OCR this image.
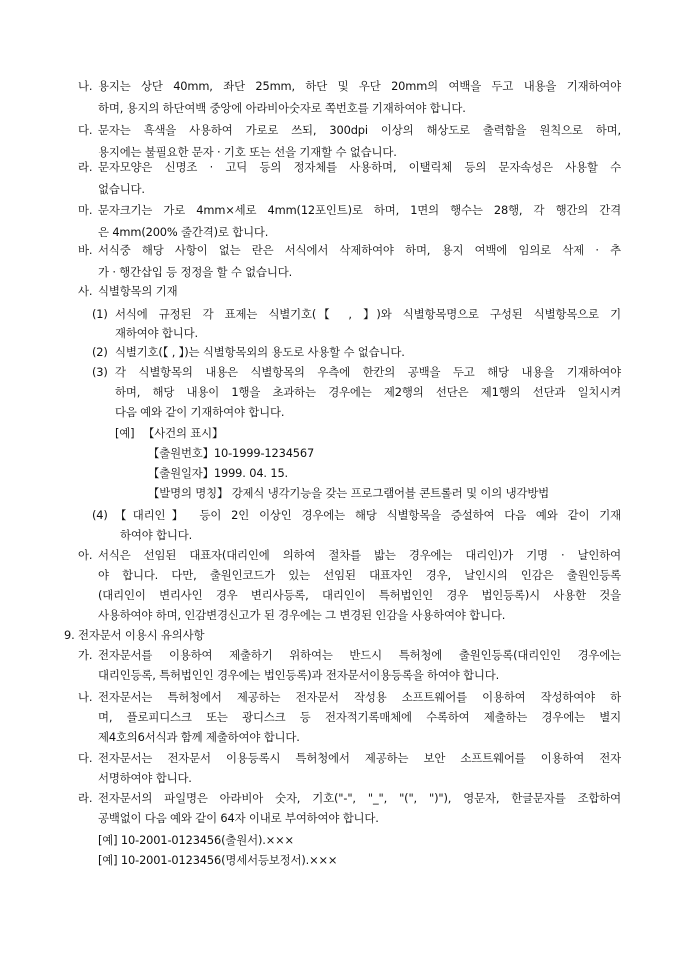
나. 용지는 상단 40mm, 좌단 25mm, 하단 및 우단 20mm의 여백을 두고 내용을 기재하여야
하며, 용지의 하단여백 중앙에 아라비아숫자로 쪽번호를 기재하여야 합니다.
다. 문자는 흑색을 사용하여 가로로 쓰되, 300dpi 이상의 해상도로 출력함을 원칙으로 하며,
용지에는 불필요한 문자 · 기호 또는 선을 기재할 수 없습니다.
라. 문자모양은 신명조 · 고딕 등의 정자체를 사용하며, 이탤릭체 등의 문자속성은 사용할 수
없습니다.
마. 문자크기는 가로 4mm×세로 4mm(12포인트)로 하며, 1면의 행수는 28행, 각 행간의 간격
은 4mm(200% 줄간격)로 합니다.
바. 서식중 해당 사항이 없는 란은 서식에서 삭제하여야 하며, 용지 여백에 임의로 삭제 · 추
가 · 행간삽입 등 정정을 할 수 없습니다.
사. 식별항목의 기재
(1) 서식에 규정된 각 표제는 식별기호(【 , 】)와 식별항목명으로 구성된 식별항목으로 기
재하여야 합니다.
(2) 식별기호(【 , 】)는 식별항목외의 용도로 사용할 수 없습니다.
(3) 각 식별항목의 내용은 식별항목의 우측에 한칸의 공백을 두고 해당 내용을 기재하여야
하며, 해당 내용이 1행을 초과하는 경우에는 제2행의 선단은 제1행의 선단과 일치시켜
다음 예와 같이 기재하여야 합니다.
[예] 【사건의 표시】
【출원번호】10-1999-1234567
【출원일자】1999. 04. 15.
【발명의 명칭】 강제식 냉각기능을 갖는 프로그램어블 콘트롤러 및 이의 냉각방법
(4) 【대리인】 등이 2인 이상인 경우에는 해당 식별항목을 증설하여 다음 예와 같이 기재
하여야 합니다.
아. 서식은 선임된 대표자(대리인에 의하여 절차를 밟는 경우에는 대리인)가 기명 · 날인하여
야 합니다. 다만, 출원인코드가 있는 선임된 대표자인 경우, 날인시의 인감은 출원인등록
(대리인이 변리사인 경우 변리사등록, 대리인이 특허법인인 경우 법인등록)시 사용한 것을
사용하여야 하며, 인감변경신고가 된 경우에는 그 변경된 인감을 사용하여야 합니다.
9. 전자문서 이용시 유의사항
가. 전자문서를 이용하여 제출하기 위하여는 반드시 특허청에 출원인등록(대리인인 경우에는
대리인등록, 특허법인인 경우에는 법인등록)과 전자문서이용등록을 하여야 합니다.
나. 전자문서는 특허청에서 제공하는 전자문서 작성용 소프트웨어를 이용하여 작성하여야 하
며, 플로피디스크 또는 광디스크 등 전자적기록매체에 수록하여 제출하는 경우에는 별지
제4호의6서식과 함께 제출하여야 합니다.
다. 전자문서는 전자문서 이용등록시 특허청에서 제공하는 보안 소프트웨어를 이용하여 전자
서명하여야 합니다.
라. 전자문서의 파일명은 아라비아 숫자, 기호("-", "_", "(", ")"), 영문자, 한글문자를 조합하여
공백없이 다음 예와 같이 64자 이내로 부여하여야 합니다.
[예] 10-2001-0123456(출원서).×××
[예] 10-2001-0123456(명세서등보정서).×××
